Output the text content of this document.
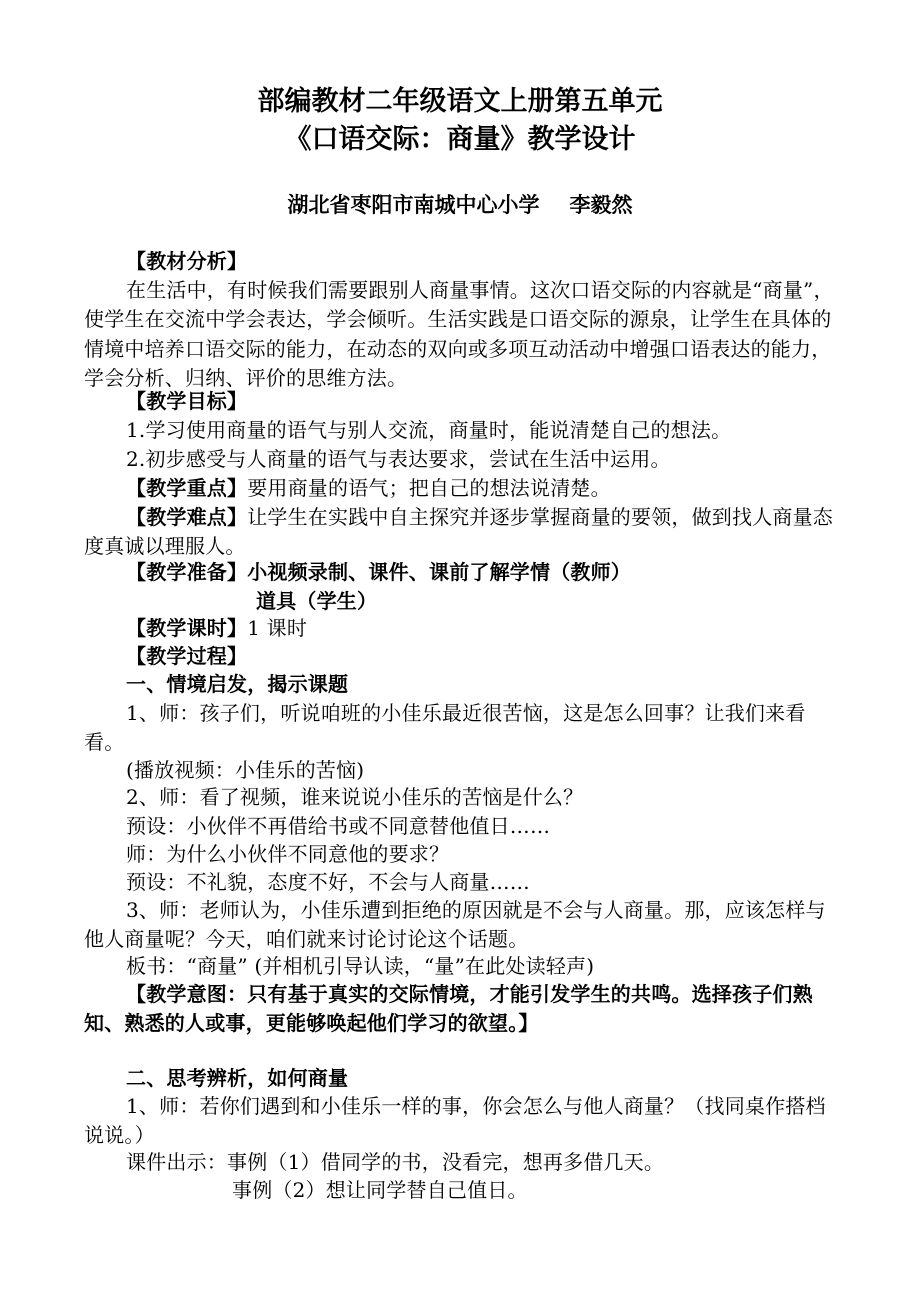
部编教材二年级语文上册第五单元
《口语交际：商量》教学设计
湖北省枣阳市南城中心小学 李毅然
【教材分析】
在生活中，有时候我们需要跟别人商量事情。这次口语交际的内容就是“商量”，使学生在交流中学会表达，学会倾听。生活实践是口语交际的源泉，让学生在具体的情境中培养口语交际的能力，在动态的双向或多项互动活动中增强口语表达的能力，学会分析、归纳、评价的思维方法。
【教学目标】
1.学习使用商量的语气与别人交流，商量时，能说清楚自己的想法。
2.初步感受与人商量的语气与表达要求，尝试在生活中运用。
【教学重点】要用商量的语气；把自己的想法说清楚。
【教学难点】让学生在实践中自主探究并逐步掌握商量的要领，做到找人商量态度真诚以理服人。
【教学准备】小视频录制、课件、课前了解学情（教师）
道具（学生）
【教学课时】1 课时
【教学过程】
一、情境启发，揭示课题
1、师：孩子们，听说咱班的小佳乐最近很苦恼，这是怎么回事？让我们来看看。
(播放视频：小佳乐的苦恼)
2、师：看了视频，谁来说说小佳乐的苦恼是什么？
预设：小伙伴不再借给书或不同意替他值日……
师：为什么小伙伴不同意他的要求？
预设：不礼貌，态度不好，不会与人商量……
3、师：老师认为，小佳乐遭到拒绝的原因就是不会与人商量。那，应该怎样与他人商量呢？今天，咱们就来讨论讨论这个话题。
板书：“商量” (并相机引导认读，“量”在此处读轻声)
【教学意图：只有基于真实的交际情境，才能引发学生的共鸣。选择孩子们熟知、熟悉的人或事，更能够唤起他们学习的欲望。】
二、思考辨析，如何商量
1、师：若你们遇到和小佳乐一样的事，你会怎么与他人商量？（找同桌作搭档说说。）
课件出示：事例（1）借同学的书，没看完，想再多借几天。
事例（2）想让同学替自己值日。
